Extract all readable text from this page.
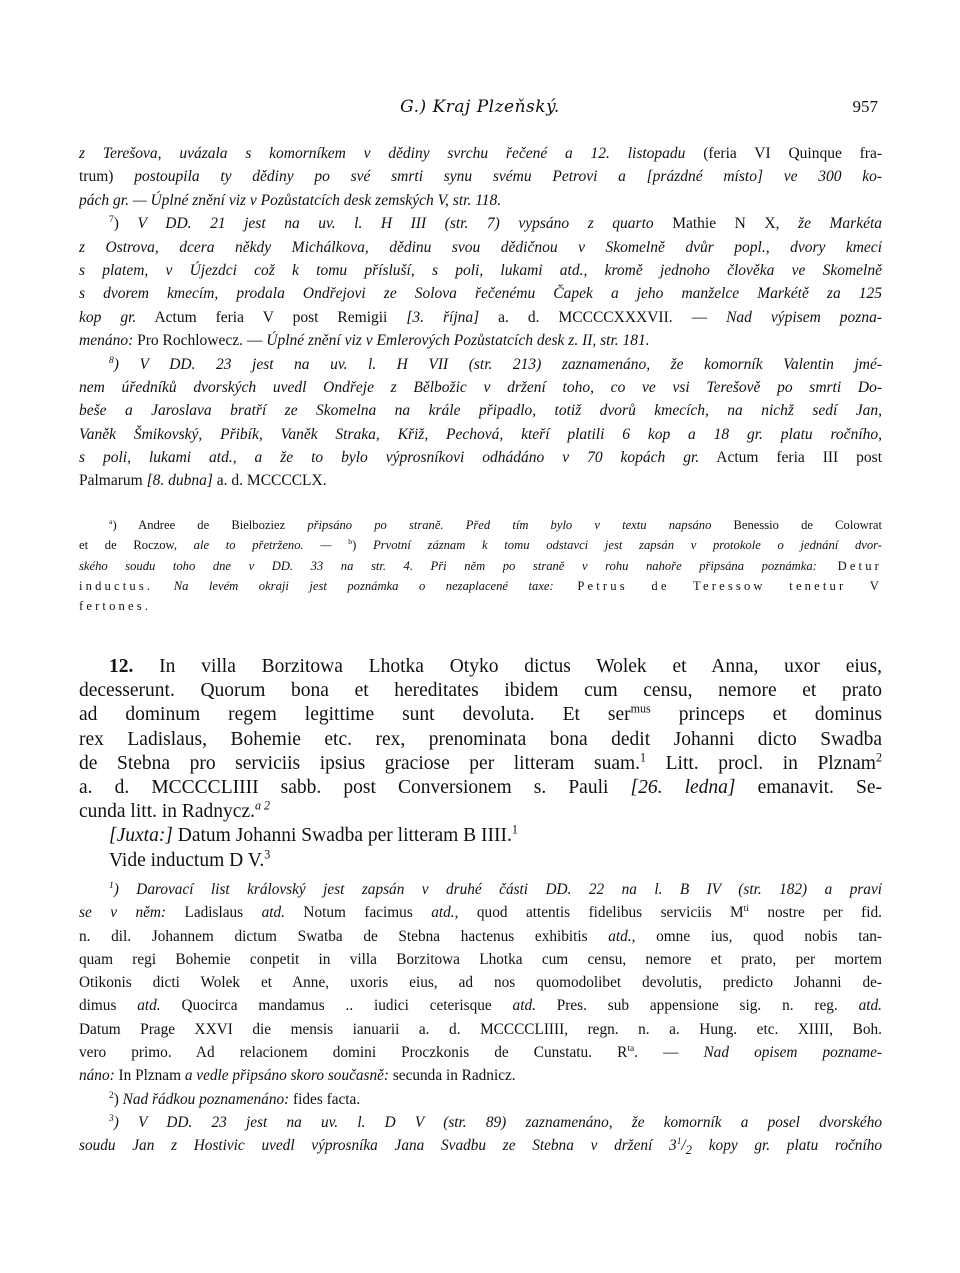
G.) Kraj Plzeňský.	957
z Terešova, uvázala s komorníkem v dědiny svrchu řečené a 12. listopadu (feria VI Quinque fra-
trum) postoupila ty dědiny po své smrti synu svému Petrovi a [prázdné místo] ve 300 ko-
pách gr. — Úplné znění viz v Pozůstatcích desk zemských V, str. 118.
$^7$) V DD. 21 jest na uv. l. H III (str. 7) vypsáno z quarto Mathie N X, že Markéta
z Ostrova, dcera někdy Michálkova, dědinu svou dědičnou v Skomelně dvůr popl., dvory kmecí
s platem, v Újezdci což k tomu přísluší, s poli, lukami atd., kromě jednoho člověka ve Skomelně
s dvorem kmecím, prodala Ondřejovi ze Solova řečenému Čapek a jeho manželce Markétě za 125
kop gr. Actum feria V post Remigii [3. října] a. d. MCCCCXXXVII. — Nad výpisem pozna-
menáno: Pro Rochlowecz. — Úplné znění viz v Emlerových Pozůstatcích desk z. II, str. 181.
$^8$) V DD. 23 jest na uv. l. H VII (str. 213) zaznamenáno, že komorník Valentin jmé-
nem úředníků dvorských uvedl Ondřeje z Bělbožic v držení toho, co ve vsi Terešově po smrti Do-
beše a Jaroslava bratří ze Skomelna na krále připadlo, totiž dvorů kmecích, na nichž sedí Jan,
Vaněk Šmikovský, Přibík, Vaněk Straka, Křiž, Pechová, kteří platili 6 kop a 18 gr. platu ročního,
s poli, lukami atd., a že to bylo výprosníkovi odhádáno v 70 kopách gr. Actum feria III post
Palmarum [8. dubna] a. d. MCCCCLX.
$^a$) Andree de Bielboziez připsáno po straně. Před tím bylo v textu napsáno Benessio de Colowrat
et de Roczow, ale to přetrženo. — $^b$) Prvotní záznam k tomu odstavci jest zapsán v protokole o jednání dvor-
ského soudu toho dne v DD. 33 na str. 4. Při něm po straně v rohu nahoře připsána poznámka: Detur
inductus. Na levém okraji jest poznámka o nezaplacené taxe: Petrus de Teressow tenetur V
fertones.
12. In villa Borzitowa Lhotka Otyko dictus Wolek et Anna, uxor eius,
decesserunt. Quorum bona et hereditates ibidem cum censu, nemore et prato
ad dominum regem legittime sunt devoluta. Et ser$^{mus}$ princeps et dominus
rex Ladislaus, Bohemie etc. rex, prenominata bona dedit Johanni dicto Swadba
de Stebna pro serviciis ipsius graciose per litteram suam.$^1$ Litt. procl. in Plznam$^2$
a. d. MCCCCLIIII sabb. post Conversionem s. Pauli [26. ledna] emanavit. Se-
cunda litt. in Radnycz.$^{a 2}$
[Juxta:] Datum Johanni Swadba per litteram B IIII.$^1$
Vide inductum D V.$^3$
$^1$) Darovací list královský jest zapsán v druhé části DD. 22 na l. B IV (str. 182) a praví
se v něm: Ladislaus atd. Notum facimus atd., quod attentis fidelibus serviciis $M^{ti}$ nostre per fid.
n. dil. Johannem dictum Swatba de Stebna hactenus exhibitis atd., omne ius, quod nobis tan-
quam regi Bohemie conpetit in villa Borzitowa Lhotka cum censu, nemore et prato, per mortem
Otikonis dicti Wolek et Anne, uxoris eius, ad nos quomodolibet devolutis, predicto Johanni de-
dimus atd. Quocirca mandamus .. iudici ceterisque atd. Pres. sub appensione sig. n. reg. atd.
Datum Prage XXVI die mensis ianuarii a. d. MCCCCLIIII, regn. n. a. Hung. etc. XIIII, Boh.
vero primo. Ad relacionem domini Proczkonis de Cunstatu. $R^{ta}$. — Nad opisem pozname-
náno: In Plznam a vedle připsáno skoro současně: secunda in Radnicz.
$^2$) Nad řádkou poznamenáno: fides facta.
$^3$) V DD. 23 jest na uv. l. D V (str. 89) zaznamenáno, že komorník a posel dvorského
soudu Jan z Hostivic uvedl výprosníka Jana Svadbu ze Stebna v držení $3^1/_2$ kopy gr. platu ročního
